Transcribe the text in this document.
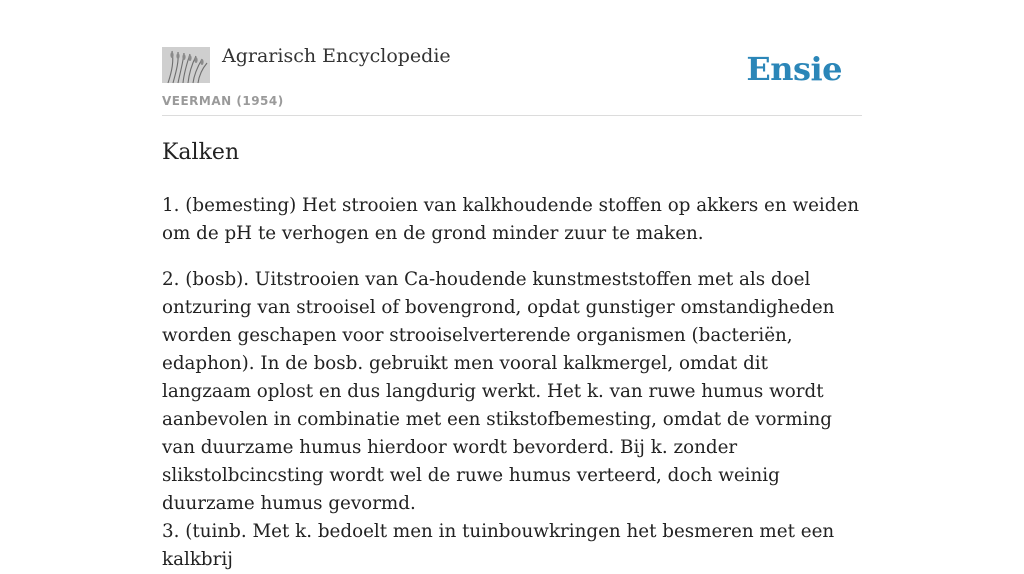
Agrarisch Encyclopedie
VEERMAN (1954)
Ensie
Kalken

1. (bemesting) Het strooien van kalkhoudende stoffen op akkers en weiden om de pH te verhogen en de grond minder zuur te maken.

2. (bosb). Uitstrooien van Ca-houdende kunstmeststoffen met als doel ontzuring van strooisel of bovengrond, opdat gunstiger omstandigheden worden geschapen voor strooiselverterende organismen (bacteriën, edaphon). In de bosb. gebruikt men vooral kalkmergel, omdat dit langzaam oplost en dus langdurig werkt. Het k. van ruwe humus wordt aanbevolen in combinatie met een stikstofbemesting, omdat de vorming van duurzame humus hierdoor wordt bevorderd. Bij k. zonder slikstolbcincsting wordt wel de ruwe humus verteerd, doch weinig duurzame humus gevormd.

3. (tuinb. Met k. bedoelt men in tuinbouwkringen het besmeren met een kalkbrij
